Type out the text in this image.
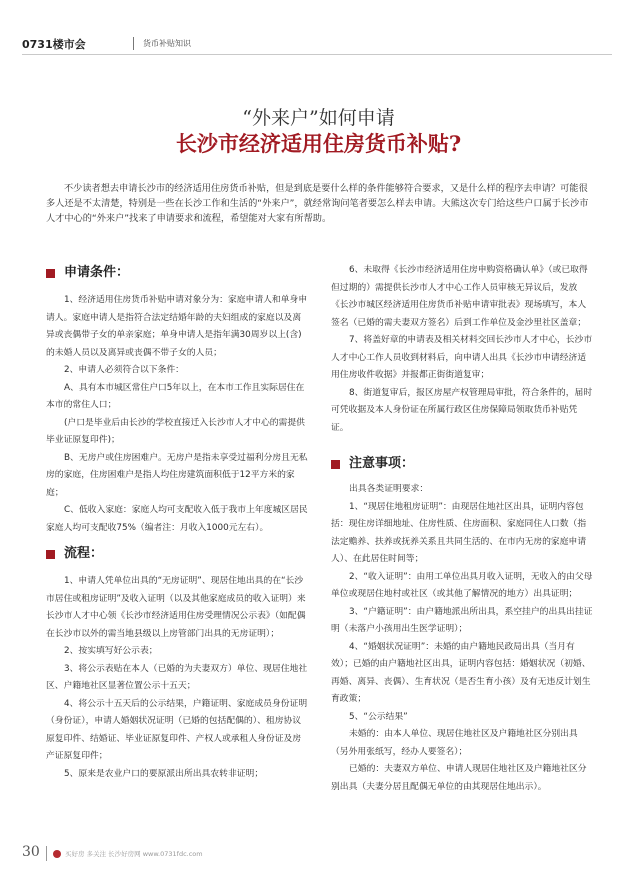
0731楼市会	货币补贴知识
“外来户”如何申请
长沙市经济适用住房货币补贴?

不少读者想去申请长沙市的经济适用住房货币补贴，但是到底是要什么样的条件能够符合要求，又是什么样的程序去申请？可能很多人还是不太清楚，特别是一些在长沙工作和生活的“外来户”，就经常询问笔者要怎么样去申请。大熊这次专门给这些户口属于长沙市人才中心的“外来户”找来了申请要求和流程，希望能对大家有所帮助。

申请条件：

1、经济适用住房货币补贴申请对象分为：家庭申请人和单身申请人。家庭申请人是指符合法定结婚年龄的夫妇组成的家庭以及离异或丧偶带子女的单亲家庭；单身申请人是指年满30周岁以上(含)的未婚人员以及离异或丧偶不带子女的人员；

2、申请人必须符合以下条件：

A、具有本市城区常住户口5年以上，在本市工作且实际居住在本市的常住人口；

(户口是毕业后由长沙的学校直接迁入长沙市人才中心的需提供毕业证原复印件)；

B、无房户或住房困难户。无房户是指未享受过福利分房且无私房的家庭，住房困难户是指人均住房建筑面积低于12平方米的家庭；

C、低收入家庭：家庭人均可支配收入低于我市上年度城区居民家庭人均可支配收75%（编者注：月收入1000元左右）。

流程：

1、申请人凭单位出具的“无房证明”、现居住地出具的在“长沙市居住或租房证明”及收入证明（以及其他家庭成员的收入证明）来长沙市人才中心领《长沙市经济适用住房受理情况公示表》（如配偶在长沙市以外的需当地县级以上房管部门出具的无房证明）；

2、按实填写好公示表；

3、将公示表贴在本人（已婚的为夫妻双方）单位、现居住地社区、户籍地社区显著位置公示十五天；

4、将公示十五天后的公示结果，户籍证明、家庭成员身份证明（身份证），申请人婚姻状况证明（已婚的包括配偶的）、租房协议原复印件、结婚证、毕业证原复印件、产权人或承租人身份证及房产证原复印件；

5、原来是农业户口的要原派出所出具农转非证明；

6、未取得《长沙市经济适用住房申购资格确认单》（或已取得但过期的）需提供长沙市人才中心工作人员审核无异议后，发放《长沙市城区经济适用住房货币补贴申请审批表》现场填写，本人签名（已婚的需夫妻双方签名）后到工作单位及金沙里社区盖章；

7、将盖好章的申请表及相关材料交回长沙市人才中心，长沙市人才中心工作人员收到材料后，向申请人出具《长沙市申请经济适用住房收件收据》并报都正街街道复审；

8、街道复审后，报区房屋产权管理局审批，符合条件的，届时可凭收据及本人身份证在所属行政区住房保障局领取货币补贴凭证。

注意事项：

出具各类证明要求：

1、“现居住地租房证明”：由现居住地社区出具，证明内容包括：现住房详细地址、住房性质、住房面积、家庭同住人口数（指法定赡养、扶养或抚养关系且共同生活的、在市内无房的家庭申请人）、在此居住时间等；

2、“收入证明”：由用工单位出具月收入证明，无收入的由父母单位或现居住地村或社区（或其他了解情况的地方）出具证明；

3、“户籍证明”：由户籍地派出所出具，系空挂户的出具出挂证明（未落户小孩用出生医学证明）；

4、“婚姻状况证明”：未婚的由户籍地民政局出具（当月有效）；已婚的由户籍地社区出具，证明内容包括：婚姻状况（初婚、再婚、离异、丧偶）、生育状况（是否生育小孩）及有无违反计划生育政策；

5、“公示结果”

未婚的：由本人单位、现居住地社区及户籍地社区分别出具（另外用张纸写，经办人要签名）；

已婚的：夫妻双方单位、申请人现居住地社区及户籍地社区分别出具（夫妻分居且配偶无单位的由其现居住地出示）。

30	买好房 多关注 长沙好房网 www.0731fdc.com
